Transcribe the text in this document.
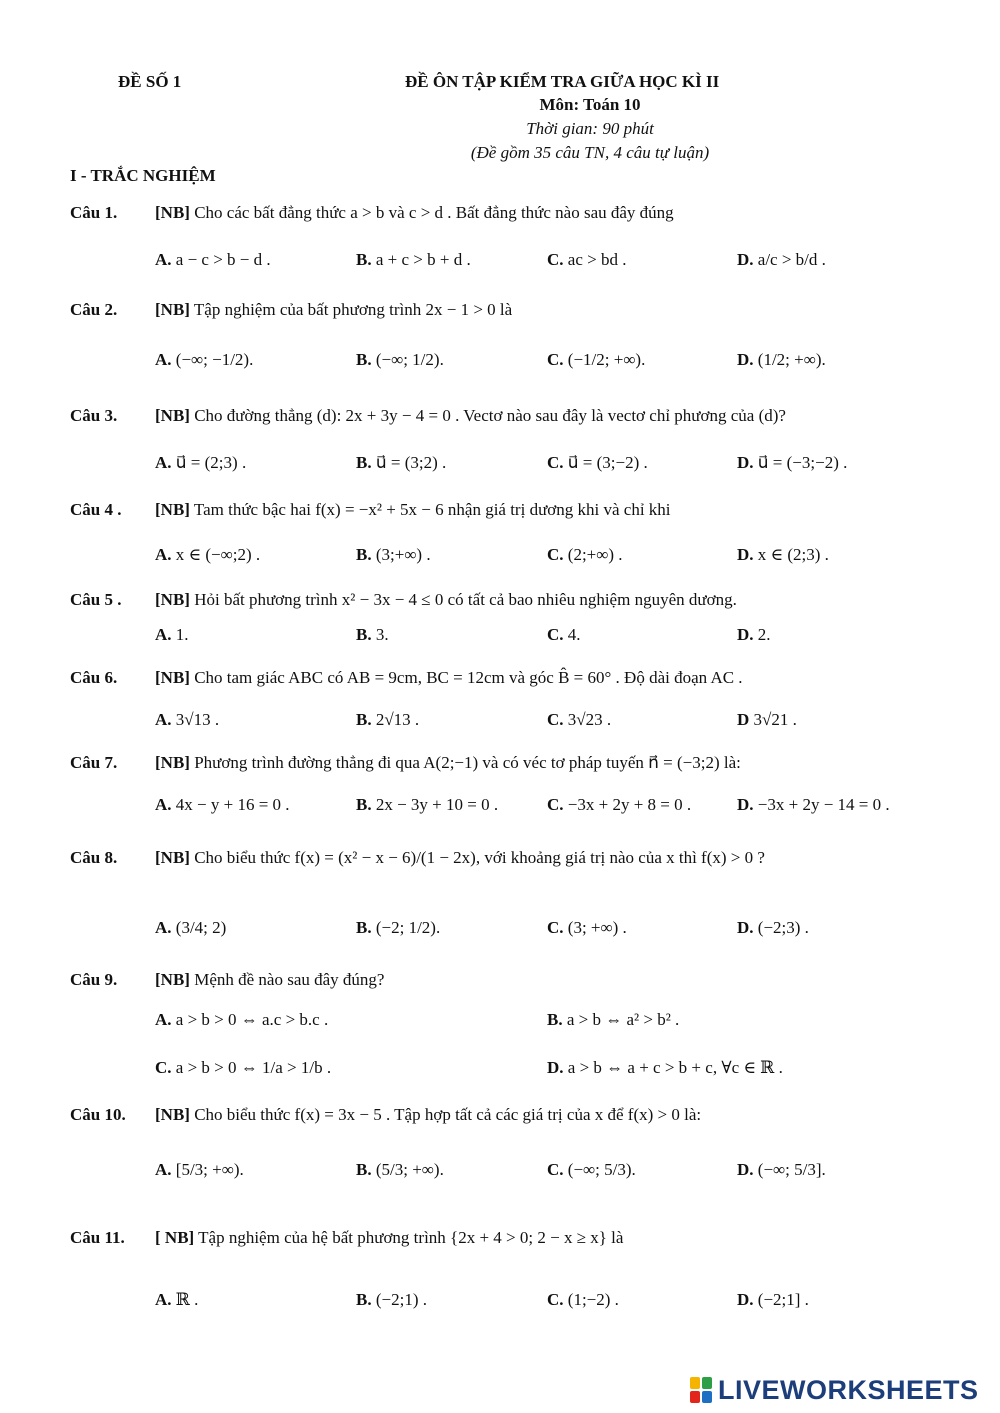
ĐỀ SỐ 1	ĐỀ ÔN TẬP KIỂM TRA GIỮA HỌC KÌ II
Môn: Toán 10
Thời gian: 90 phút
(Đề gồm 35 câu TN, 4 câu tự luận)
I - TRẮC NGHIỆM
Câu 1. [NB] Cho các bất đẳng thức a > b và c > d . Bất đẳng thức nào sau đây đúng
A. a − c > b − d .	B. a + c > b + d .	C. ac > bd .	D. a/c > b/d .
Câu 2. [NB] Tập nghiệm của bất phương trình 2x − 1 > 0 là
A. (−∞; −1/2).	B. (−∞; 1/2).	C. (−1/2; +∞).	D. (1/2; +∞).
Câu 3. [NB] Cho đường thẳng (d): 2x + 3y − 4 = 0 . Vectơ nào sau đây là vectơ chỉ phương của (d)?
A. u⃗ = (2;3) .	B. u⃗ = (3;2) .	C. u⃗ = (3;−2) .	D. u⃗ = (−3;−2) .
Câu 4 . [NB] Tam thức bậc hai f(x) = −x² + 5x − 6 nhận giá trị dương khi và chỉ khi
A. x ∈ (−∞;2) .	B. (3;+∞) .	C. (2;+∞) .	D. x ∈ (2;3) .
Câu 5 . [NB] Hỏi bất phương trình x² − 3x − 4 ≤ 0 có tất cả bao nhiêu nghiệm nguyên dương.
A. 1.	B. 3.	C. 4.	D. 2.
Câu 6. [NB] Cho tam giác ABC có AB = 9cm, BC = 12cm và góc B̂ = 60° . Độ dài đoạn AC .
A. 3√13 .	B. 2√13 .	C. 3√23 .	D 3√21 .
Câu 7. [NB] Phương trình đường thẳng đi qua A(2;−1) và có véc tơ pháp tuyến n⃗ = (−3;2) là:
A. 4x − y + 16 = 0 .	B. 2x − 3y + 10 = 0 .	C. −3x + 2y + 8 = 0 .	D. −3x + 2y − 14 = 0 .
Câu 8. [NB] Cho biểu thức f(x) = (x² − x − 6)/(1 − 2x), với khoảng giá trị nào của x thì f(x) > 0 ?
A. (3/4; 2)	B. (−2; 1/2).	C. (3; +∞) .	D. (−2;3) .
Câu 9. [NB] Mệnh đề nào sau đây đúng?
A. a > b > 0 ⇔ a.c > b.c .	B. a > b ⇔ a² > b² .
C. a > b > 0 ⇔ 1/a > 1/b .	D. a > b ⇔ a + c > b + c, ∀c ∈ ℝ .
Câu 10. [NB] Cho biểu thức f(x) = 3x − 5 . Tập hợp tất cả các giá trị của x để f(x) > 0 là:
A. [5/3; +∞).	B. (5/3; +∞).	C. (−∞; 5/3).	D. (−∞; 5/3].
Câu 11. [ NB] Tập nghiệm của hệ bất phương trình {2x + 4 > 0; 2 − x ≥ x} là
A. ℝ .	B. (−2;1) .	C. (1;−2) .	D. (−2;1] .
LIVEWORKSHEETS
